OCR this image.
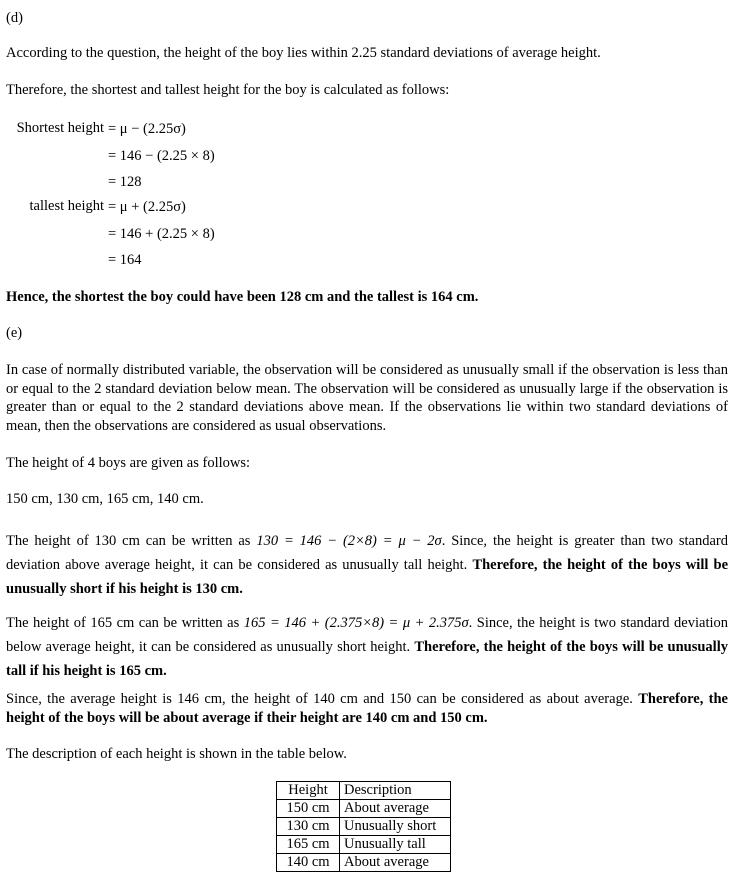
(d)
According to the question, the height of the boy lies within 2.25 standard deviations of average height.
Therefore, the shortest and tallest height for the boy is calculated as follows:
Shortest height = μ − (2.25σ)
= 146 − (2.25 × 8)
= 128
tallest height = μ + (2.25σ)
= 146 + (2.25 × 8)
= 164
Hence, the shortest the boy could have been 128 cm and the tallest is 164 cm.
(e)
In case of normally distributed variable, the observation will be considered as unusually small if the observation is less than or equal to the 2 standard deviation below mean. The observation will be considered as unusually large if the observation is greater than or equal to the 2 standard deviations above mean. If the observations lie within two standard deviations of mean, then the observations are considered as usual observations.
The height of 4 boys are given as follows:
150 cm, 130 cm, 165 cm, 140 cm.
The height of 130 cm can be written as 130 = 146 − (2×8) = μ − 2σ. Since, the height is greater than two standard deviation above average height, it can be considered as unusually tall height. Therefore, the height of the boys will be unusually short if his height is 130 cm.
The height of 165 cm can be written as 165 = 146 + (2.375×8) = μ + 2.375σ. Since, the height is two standard deviation below average height, it can be considered as unusually short height. Therefore, the height of the boys will be unusually tall if his height is 165 cm.
Since, the average height is 146 cm, the height of 140 cm and 150 can be considered as about average. Therefore, the height of the boys will be about average if their height are 140 cm and 150 cm.
The description of each height is shown in the table below.
Height	Description
150 cm	About average
130 cm	Unusually short
165 cm	Unusually tall
140 cm	About average
